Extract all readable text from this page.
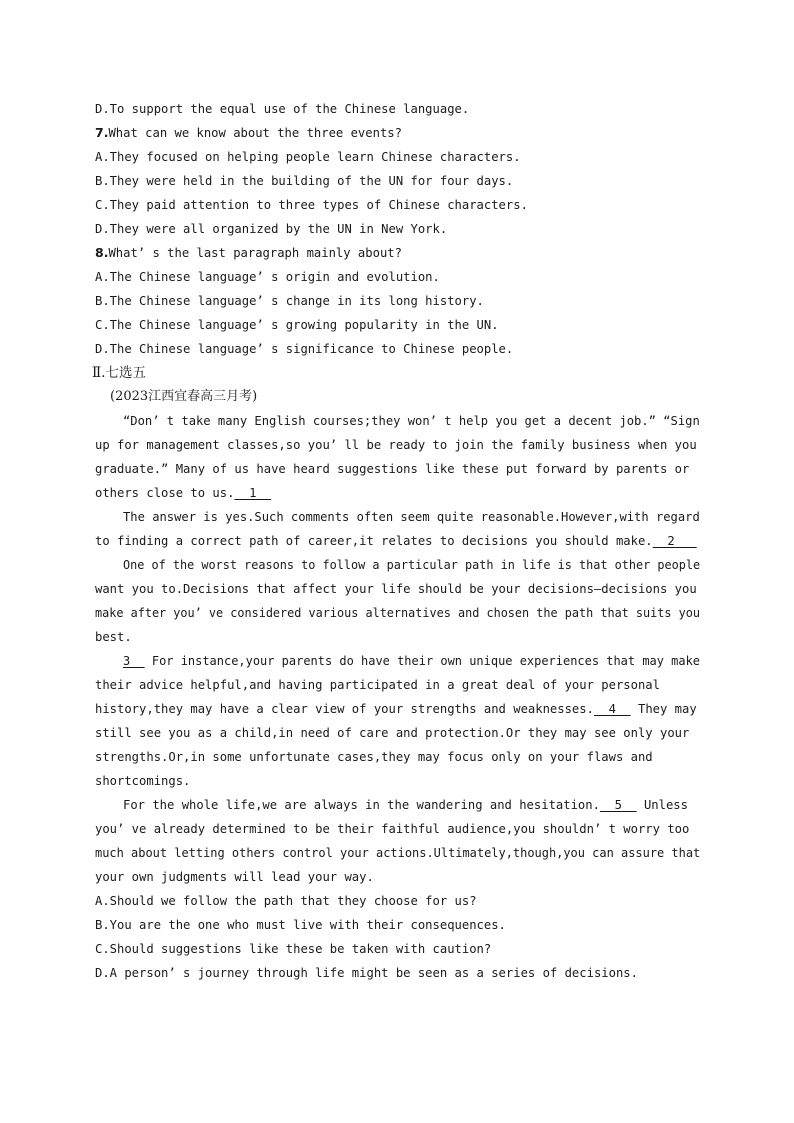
D.To support the equal use of the Chinese language.
7.What can we know about the three events?
A.They focused on helping people learn Chinese characters.
B.They were held in the building of the UN for four days.
C.They paid attention to three types of Chinese characters.
D.They were all organized by the UN in New York.
8.What’ s the last paragraph mainly about?
A.The Chinese language’ s origin and evolution.
B.The Chinese language’ s change in its long history.
C.The Chinese language’ s growing popularity in the UN.
D.The Chinese language’ s significance to Chinese people.
Ⅱ.七选五
(2023江西宜春高三月考)
“Don’ t take many English courses;they won’ t help you get a decent job.” “Sign
up for management classes,so you’ ll be ready to join the family business when you
graduate.” Many of us have heard suggestions like these put forward by parents or
others close to us.  1
The answer is yes.Such comments often seem quite reasonable.However,with regard
to finding a correct path of career,it relates to decisions you should make.  2
One of the worst reasons to follow a particular path in life is that other people
want you to.Decisions that affect your life should be your decisions—decisions you
make after you’ ve considered various alternatives and chosen the path that suits you
best.
3   For instance,your parents do have their own unique experiences that may make
their advice helpful,and having participated in a great deal of your personal
history,they may have a clear view of your strengths and weaknesses.  4   They may
still see you as a child,in need of care and protection.Or they may see only your
strengths.Or,in some unfortunate cases,they may focus only on your flaws and
shortcomings.
For the whole life,we are always in the wandering and hesitation.  5   Unless
you’ ve already determined to be their faithful audience,you shouldn’ t worry too
much about letting others control your actions.Ultimately,though,you can assure that
your own judgments will lead your way.
A.Should we follow the path that they choose for us?
B.You are the one who must live with their consequences.
C.Should suggestions like these be taken with caution?
D.A person’ s journey through life might be seen as a series of decisions.
